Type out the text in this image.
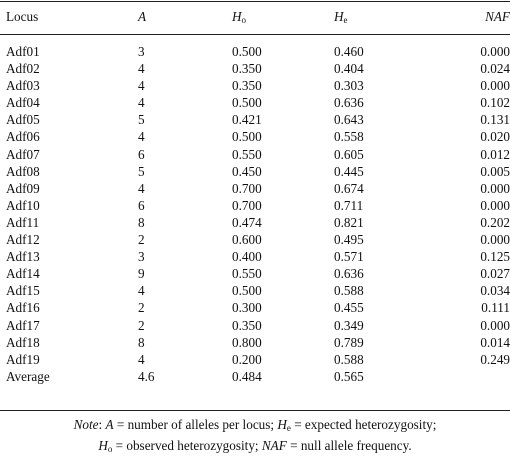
	Locus	A	$H_o$	$H_e$	NAF

	Adf01	3	0.500	0.460	0.000
	Adf02	4	0.350	0.404	0.024
	Adf03	4	0.350	0.303	0.000
	Adf04	4	0.500	0.636	0.102
	Adf05	5	0.421	0.643	0.131
	Adf06	4	0.500	0.558	0.020
	Adf07	6	0.550	0.605	0.012
	Adf08	5	0.450	0.445	0.005
	Adf09	4	0.700	0.674	0.000
	Adf10	6	0.700	0.711	0.000
	Adf11	8	0.474	0.821	0.202
	Adf12	2	0.600	0.495	0.000
	Adf13	3	0.400	0.571	0.125
	Adf14	9	0.550	0.636	0.027
	Adf15	4	0.500	0.588	0.034
	Adf16	2	0.300	0.455	0.111
	Adf17	2	0.350	0.349	0.000
	Adf18	8	0.800	0.789	0.014
	Adf19	4	0.200	0.588	0.249
	Average	4.6	0.484	0.565	
Note: A = number of alleles per locus; $H_e$ = expected heterozygosity;
$H_o$ = observed heterozygosity; NAF = null allele frequency.
